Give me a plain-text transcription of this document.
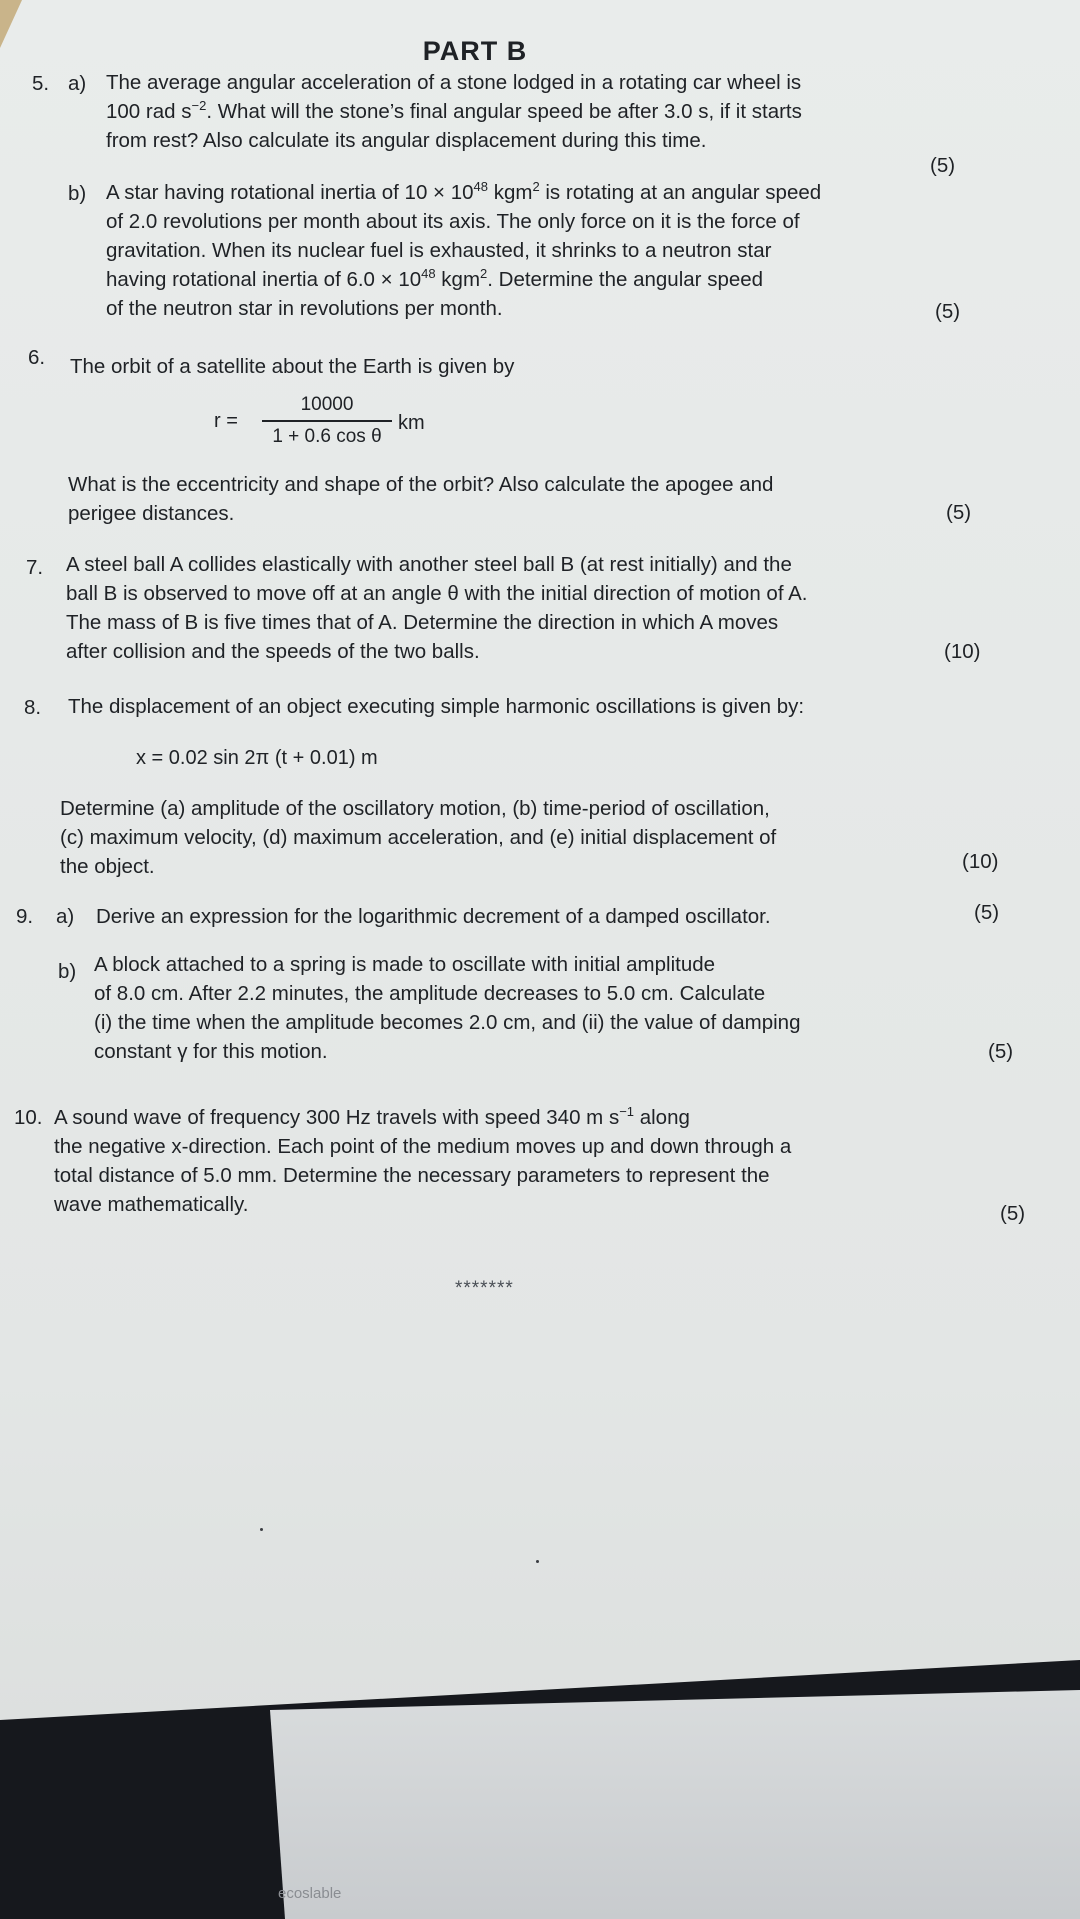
ecoslable
PART B
5. a) The average angular acceleration of a stone lodged in a rotating car wheel is
100 rad $s^{-2}$. What will the stone’s final angular speed be after 3.0 s, if it starts
from rest? Also calculate its angular displacement during this time.
(5)
b) A star having rotational inertia of $10 \times 10^{48}$ kgm$^2$ is rotating at an angular speed
of 2.0 revolutions per month about its axis. The only force on it is the force of
gravitation. When its nuclear fuel is exhausted, it shrinks to a neutron star
having rotational inertia of $6.0 \times 10^{48}$ kgm$^2$. Determine the angular speed
of the neutron star in revolutions per month.	(5)
6. The orbit of a satellite about the Earth is given by
r =
10000
1 + 0.6 cos θ
km
What is the eccentricity and shape of the orbit? Also calculate the apogee and
perigee distances.	(5)
7. A steel ball A collides elastically with another steel ball B (at rest initially) and the
ball B is observed to move off at an angle θ with the initial direction of motion of A.
The mass of B is five times that of A. Determine the direction in which A moves
after collision and the speeds of the two balls.	(10)
8. The displacement of an object executing simple harmonic oscillations is given by:
x = 0.02 sin 2π (t + 0.01) m
Determine (a) amplitude of the oscillatory motion, (b) time-period of oscillation,
(c) maximum velocity, (d) maximum acceleration, and (e) initial displacement of
the object.	(10)
9. a) Derive an expression for the logarithmic decrement of a damped oscillator.	(5)
b) A block attached to a spring is made to oscillate with initial amplitude
of 8.0 cm. After 2.2 minutes, the amplitude decreases to 5.0 cm. Calculate
(i) the time when the amplitude becomes 2.0 cm, and (ii) the value of damping
constant γ for this motion.	(5)
10. A sound wave of frequency 300 Hz travels with speed 340 m $s^{-1}$ along
the negative x-direction. Each point of the medium moves up and down through a
total distance of 5.0 mm. Determine the necessary parameters to represent the
wave mathematically.	(5)
*******
